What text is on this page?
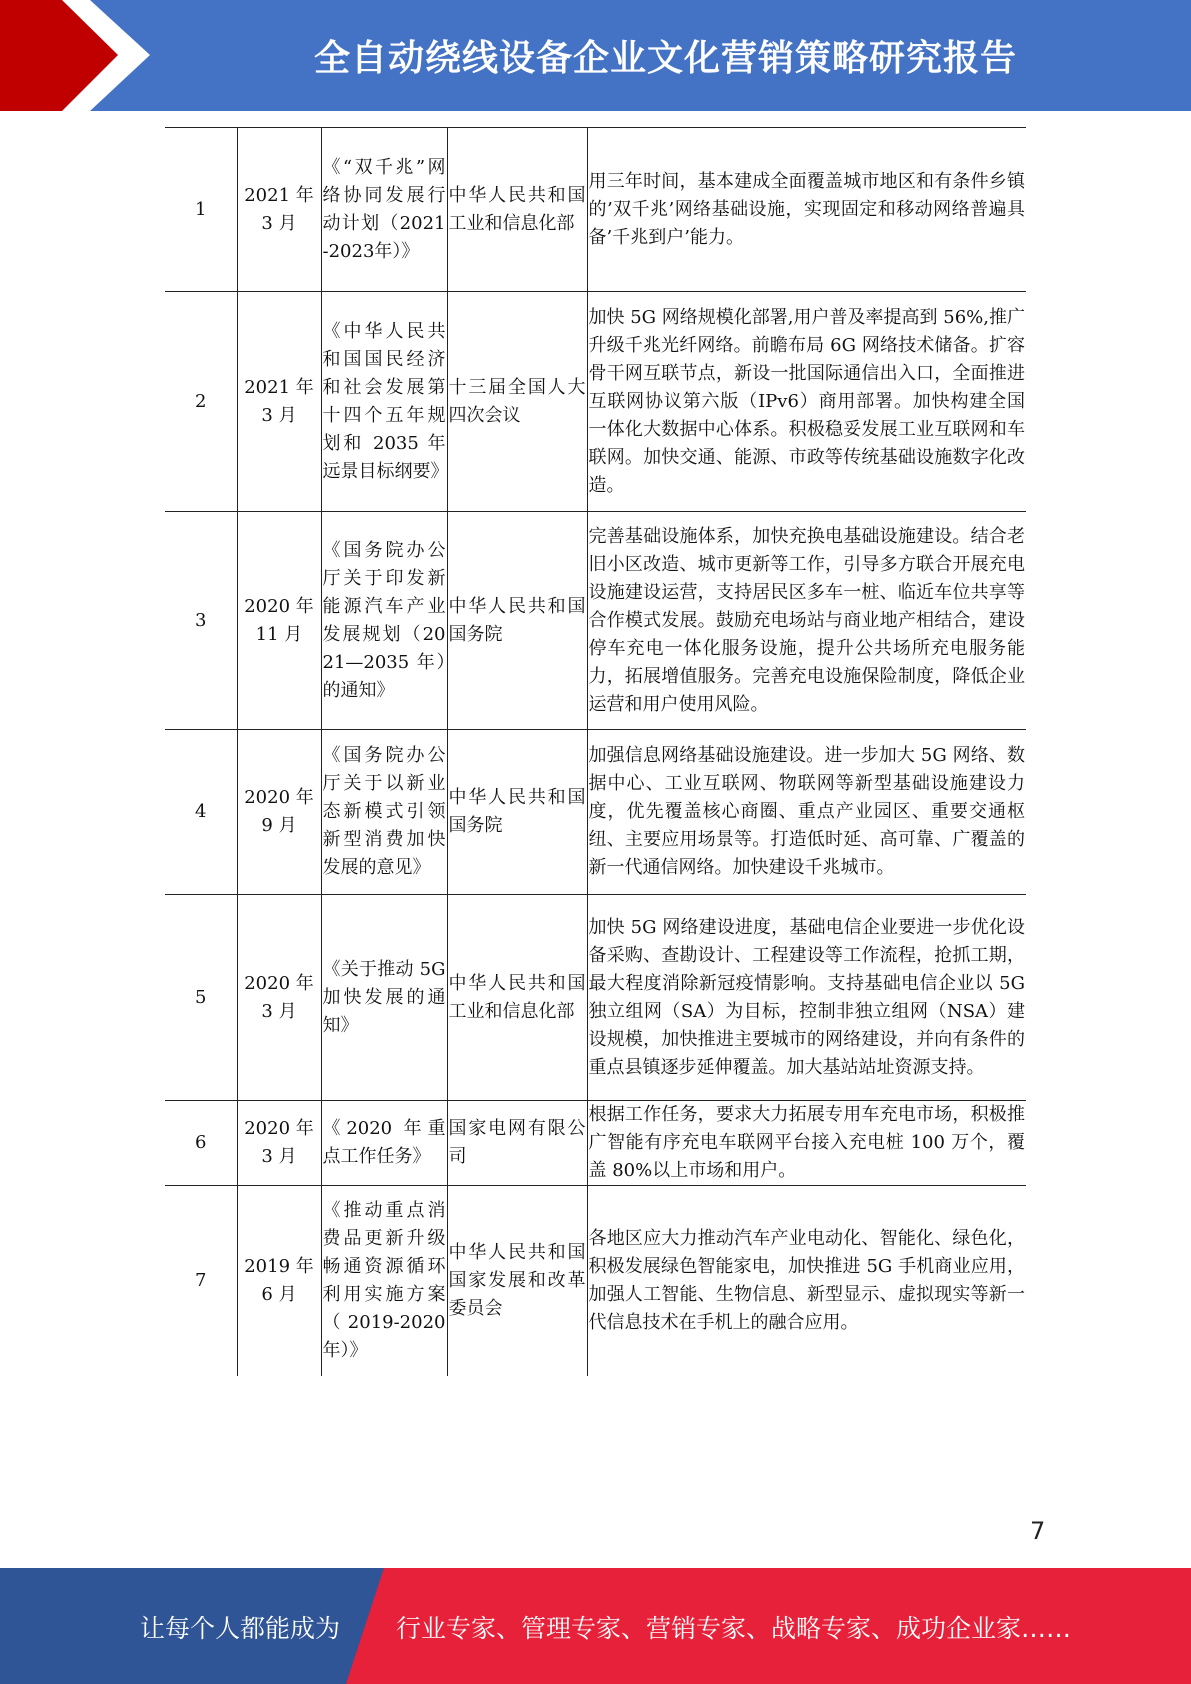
全自动绕线设备企业文化营销策略研究报告
1	2021 年 3 月	《“双千兆”网络协同发展行动计划（2021-2023年）》	中华人民共和国工业和信息化部	用三年时间，基本建成全面覆盖城市地区和有条件乡镇的’双千兆’网络基础设施，实现固定和移动网络普遍具备’千兆到户’能力。
2	2021 年 3 月	《中华人民共和国国民经济和社会发展第十四个五年规划和 2035 年远景目标纲要》	十三届全国人大四次会议	加快 5G 网络规模化部署,用户普及率提高到 56%,推广升级千兆光纤网络。前瞻布局 6G 网络技术储备。扩容骨干网互联节点，新设一批国际通信出入口，全面推进互联网协议第六版（IPv6）商用部署。加快构建全国一体化大数据中心体系。积极稳妥发展工业互联网和车联网。加快交通、能源、市政等传统基础设施数字化改造。
3	2020 年 11 月	《国务院办公厅关于印发新能源汽车产业发展规划（2021—2035 年）的通知》	中华人民共和国国务院	完善基础设施体系，加快充换电基础设施建设。结合老旧小区改造、城市更新等工作，引导多方联合开展充电设施建设运营，支持居民区多车一桩、临近车位共享等合作模式发展。鼓励充电场站与商业地产相结合，建设停车充电一体化服务设施，提升公共场所充电服务能力，拓展增值服务。完善充电设施保险制度，降低企业运营和用户使用风险。
4	2020 年 9 月	《国务院办公厅关于以新业态新模式引领新型消费加快发展的意见》	中华人民共和国国务院	加强信息网络基础设施建设。进一步加大 5G 网络、数据中心、工业互联网、物联网等新型基础设施建设力度，优先覆盖核心商圈、重点产业园区、重要交通枢纽、主要应用场景等。打造低时延、高可靠、广覆盖的新一代通信网络。加快建设千兆城市。
5	2020 年 3 月	《关于推动 5G 加快发展的通知》	中华人民共和国工业和信息化部	加快 5G 网络建设进度，基础电信企业要进一步优化设备采购、查勘设计、工程建设等工作流程，抢抓工期，最大程度消除新冠疫情影响。支持基础电信企业以 5G 独立组网（SA）为目标，控制非独立组网（NSA）建设规模，加快推进主要城市的网络建设，并向有条件的重点县镇逐步延伸覆盖。加大基站站址资源支持。
6	2020 年 3 月	《2020 年重点工作任务》	国家电网有限公司	根据工作任务，要求大力拓展专用车充电市场，积极推广智能有序充电车联网平台接入充电桩 100 万个，覆盖 80%以上市场和用户。
7	2019 年 6 月	《推动重点消费品更新升级畅通资源循环利用实施方案（2019-2020年）》	中华人民共和国国家发展和改革委员会	各地区应大力推动汽车产业电动化、智能化、绿色化，积极发展绿色智能家电，加快推进 5G 手机商业应用，加强人工智能、生物信息、新型显示、虚拟现实等新一代信息技术在手机上的融合应用。
7
让每个人都能成为 行业专家、管理专家、营销专家、战略专家、成功企业家……
